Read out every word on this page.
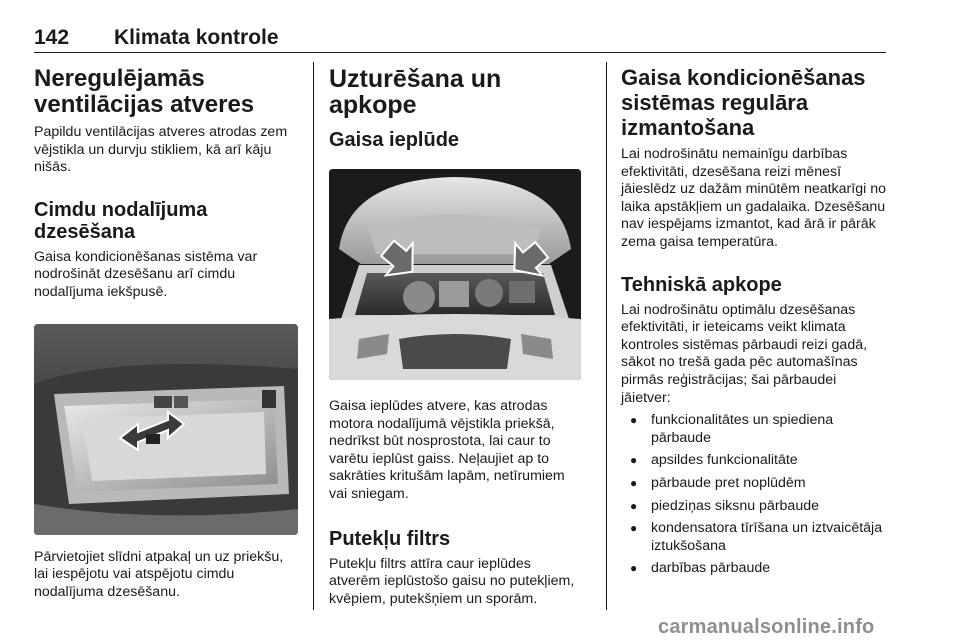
142 Klimata kontrole
Neregulējamās ventilācijas atveres

Papildu ventilācijas atveres atrodas zem vējstikla un durvju stikliem, kā arī kāju nišās.

Cimdu nodalījuma dzesēšana

Gaisa kondicionēšanas sistēma var nodrošināt dzesēšanu arī cimdu nodalījuma iekšpusē.

Pārvietojiet slīdni atpakaļ un uz priekšu, lai iespējotu vai atspējotu cimdu nodalījuma dzesēšanu.

Uzturēšana un apkope
Gaisa ieplūde

Gaisa ieplūdes atvere, kas atrodas motora nodalījumā vējstikla priekšā, nedrīkst būt nosprostota, lai caur to varētu ieplūst gaiss. Neļaujiet ap to sakrāties kritušām lapām, netīrumiem vai sniegam.

Putekļu filtrs

Putekļu filtrs attīra caur ieplūdes atverēm ieplūstošo gaisu no putekļiem, kvēpiem, putekšņiem un sporām.

Gaisa kondicionēšanas sistēmas regulāra izmantošana

Lai nodrošinātu nemainīgu darbības efektivitāti, dzesēšana reizi mēnesī jāieslēdz uz dažām minūtēm neatkarīgi no laika apstākļiem un gadalaika. Dzesēšanu nav iespējams izmantot, kad ārā ir pārāk zema gaisa temperatūra.

Tehniskā apkope

Lai nodrošinātu optimālu dzesēšanas efektivitāti, ir ieteicams veikt klimata kontroles sistēmas pārbaudi reizi gadā, sākot no trešā gada pēc automašīnas pirmās reģistrācijas; šai pārbaudei jāietver:

● funkcionalitātes un spiediena pārbaude
● apsildes funkcionalitāte
● pārbaude pret noplūdēm
● piedziņas siksnu pārbaude
● kondensatora tīrīšana un iztvaicētāja iztukšošana
● darbības pārbaude
carmanualsonline.info
